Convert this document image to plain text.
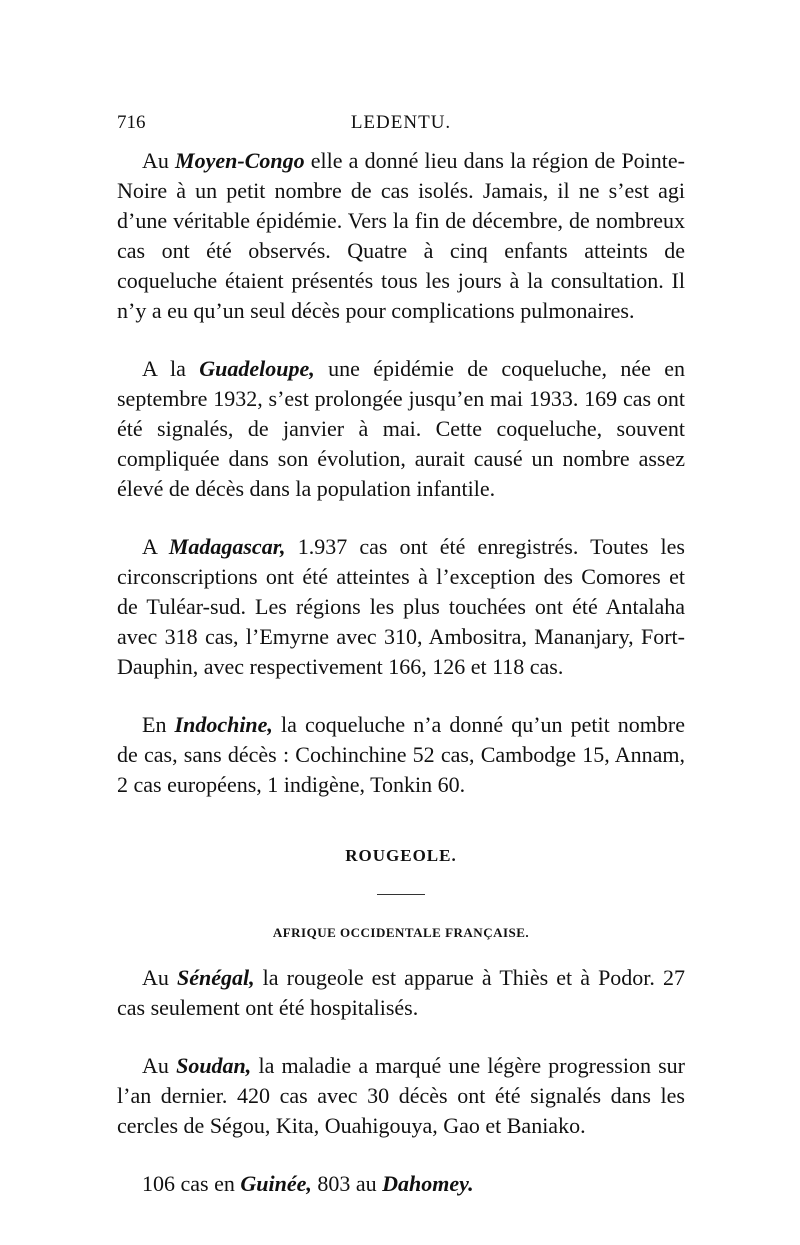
716	LEDENTU.

Au Moyen-Congo elle a donné lieu dans la région de Pointe-Noire à un petit nombre de cas isolés. Jamais, il ne s’est agi d’une véritable épidémie. Vers la fin de décembre, de nombreux cas ont été observés. Quatre à cinq enfants atteints de coqueluche étaient présentés tous les jours à la consultation. Il n’y a eu qu’un seul décès pour complications pulmonaires.

A la Guadeloupe, une épidémie de coqueluche, née en septembre 1932, s’est prolongée jusqu’en mai 1933. 169 cas ont été signalés, de janvier à mai. Cette coqueluche, souvent compliquée dans son évolution, aurait causé un nombre assez élevé de décès dans la population infantile.

A Madagascar, 1.937 cas ont été enregistrés. Toutes les circonscriptions ont été atteintes à l’exception des Comores et de Tuléar-sud. Les régions les plus touchées ont été Antalaha avec 318 cas, l’Emyrne avec 310, Ambositra, Mananjary, Fort-Dauphin, avec respectivement 166, 126 et 118 cas.

En Indochine, la coqueluche n’a donné qu’un petit nombre de cas, sans décès : Cochinchine 52 cas, Cambodge 15, Annam, 2 cas européens, 1 indigène, Tonkin 60.

ROUGEOLE.
AFRIQUE OCCIDENTALE FRANÇAISE.

Au Sénégal, la rougeole est apparue à Thiès et à Podor. 27 cas seulement ont été hospitalisés.

Au Soudan, la maladie a marqué une légère progression sur l’an dernier. 420 cas avec 30 décès ont été signalés dans les cercles de Ségou, Kita, Ouahigouya, Gao et Baniako.

106 cas en Guinée, 803 au Dahomey.
